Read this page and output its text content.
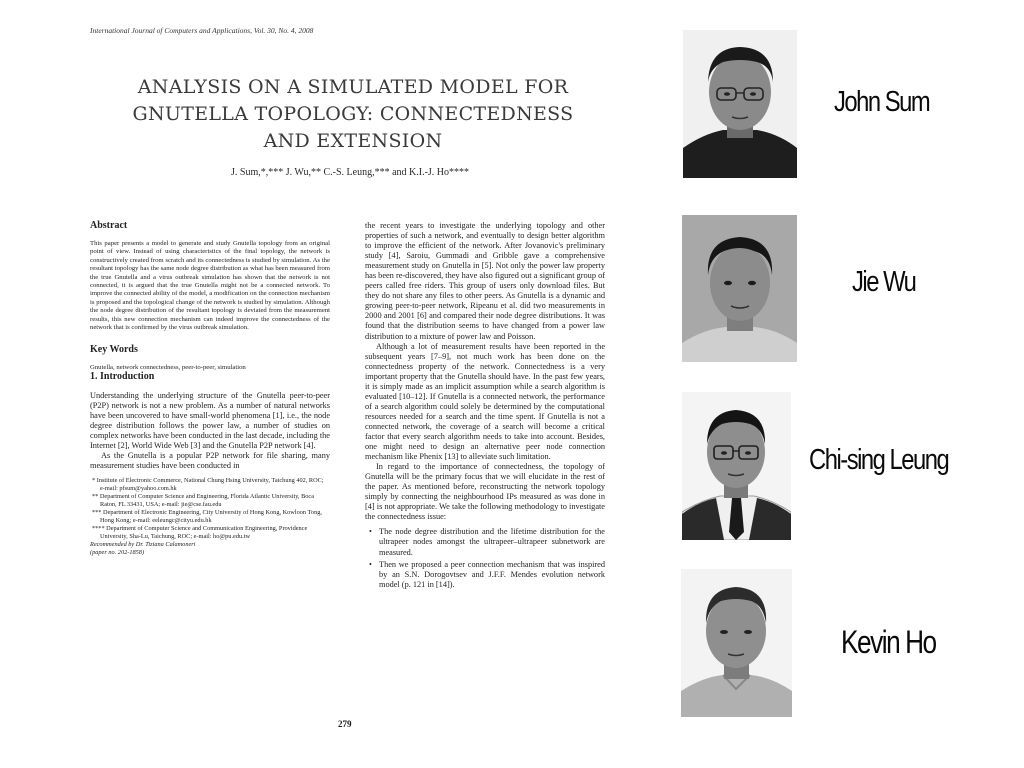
International Journal of Computers and Applications, Vol. 30, No. 4, 2008
ANALYSIS ON A SIMULATED MODEL FOR
GNUTELLA TOPOLOGY: CONNECTEDNESS
AND EXTENSION
J. Sum,*,*** J. Wu,** C.-S. Leung,*** and K.I.-J. Ho****
Abstract

This paper presents a model to generate and study Gnutella topology from an original point of view. Instead of using characteristics of the final topology, the network is constructively created from scratch and its connectedness is studied by simulation. As the resultant topology has the same node degree distribution as what has been measured from the true Gnutella and a virus outbreak simulation has shown that the network is not connected, it is argued that the true Gnutella might not be a connected network. To improve the connected ability of the model, a modification on the connection mechanism is proposed and the topological change of the network is studied by simulation. Although the node degree distribution of the resultant topology is deviated from the measurement results, this new connection mechanism can indeed improve the connectedness of the network that is confirmed by the virus outbreak simulation.

Key Words

Gnutella, network connectedness, peer-to-peer, simulation

1. Introduction

Understanding the underlying structure of the Gnutella peer-to-peer (P2P) network is not a new problem. As a number of natural networks have been uncovered to have small-world phenomena [1], i.e., the node degree distribution follows the power law, a number of studies on complex networks have been conducted in the last decade, including the Internet [2], World Wide Web [3] and the Gnutella P2P network [4].

As the Gnutella is a popular P2P network for file sharing, many measurement studies have been conducted in

* Institute of Electronic Commerce, National Chung Hsing University, Taichung 402, ROC; e-mail: pfsum@yahoo.com.hk
** Department of Computer Science and Engineering, Florida Atlantic University, Boca Raton, FL 33431, USA; e-mail: jie@cse.fau.edu
*** Department of Electronic Engineering, City University of Hong Kong, Kowloon Tong, Hong Kong; e-mail: eeleungc@cityu.edu.hk
**** Department of Computer Science and Communication Engineering, Providence University, Sha-Lu, Taichung, ROC; e-mail: ho@pu.edu.tw
Recommended by Dr. Tiziana Calamoneri
(paper no. 202-1858)

the recent years to investigate the underlying topology and other properties of such a network, and eventually to design better algorithm to improve the efficient of the network. After Jovanovic's preliminary study [4], Saroiu, Gummadi and Gribble gave a comprehensive measurement study on Gnutella in [5]. Not only the power law property has been re-discovered, they have also figured out a significant group of peers called free riders. This group of users only download files. But they do not share any files to other peers. As Gnutella is a dynamic and growing peer-to-peer network, Ripeanu et al. did two measurements in 2000 and 2001 [6] and compared their node degree distributions. It was found that the distribution seems to have changed from a power law distribution to a mixture of power law and Poisson.

Although a lot of measurement results have been reported in the subsequent years [7–9], not much work has been done on the connectedness property of the network. Connectedness is a very important property that the Gnutella should have. In the past few years, it is simply made as an implicit assumption while a search algorithm is evaluated [10–12]. If Gnutella is a connected network, the performance of a search algorithm could solely be determined by the computational resources needed for a search and the time spent. If Gnutella is not a connected network, the coverage of a search will become a critical factor that every search algorithm needs to take into account. Besides, one might need to design an alternative peer node connection mechanism like Phenix [13] to alleviate such limitation.

In regard to the importance of connectedness, the topology of Gnutella will be the primary focus that we will elucidate in the rest of the paper. As mentioned before, reconstructing the network topology simply by connecting the neighbourhood IPs measured as was done in [4] is not appropriate. We take the following methodology to investigate the connectedness issue:

• The node degree distribution and the lifetime distribution for the ultrapeer nodes amongst the ultrapeer–ultrapeer subnetwork are measured.
• Then we proposed a peer connection mechanism that was inspired by an S.N. Dorogovtsev and J.F.F. Mendes evolution network model (p. 121 in [14]).
279
John Sum
Jie Wu
Chi-sing Leung
Kevin Ho
